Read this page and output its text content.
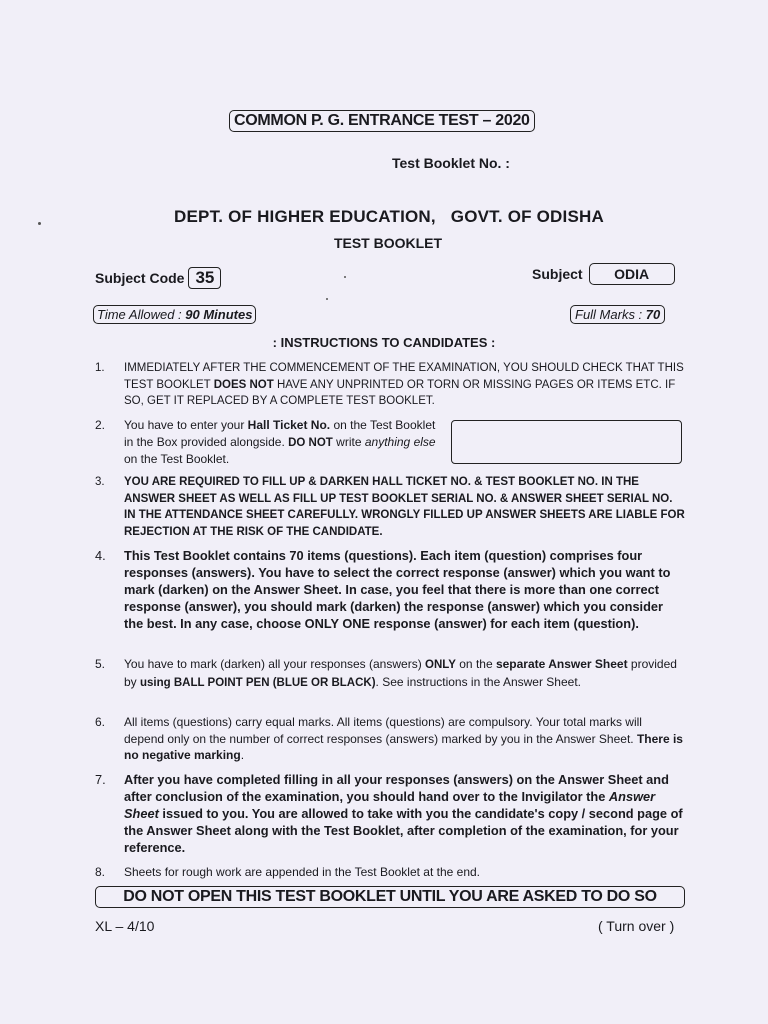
COMMON P. G. ENTRANCE TEST – 2020
Test Booklet No. :
DEPT. OF HIGHER EDUCATION, GOVT. OF ODISHA
TEST BOOKLET
Subject Code 35	Subject	ODIA
Time Allowed : 90 Minutes	Full Marks : 70
: INSTRUCTIONS TO CANDIDATES :
1.	IMMEDIATELY AFTER THE COMMENCEMENT OF THE EXAMINATION, YOU SHOULD CHECK THAT THIS TEST BOOKLET DOES NOT HAVE ANY UNPRINTED OR TORN OR MISSING PAGES OR ITEMS ETC. IF SO, GET IT REPLACED BY A COMPLETE TEST BOOKLET.
2.	You have to enter your Hall Ticket No. on the Test Booklet in the Box provided alongside. DO NOT write anything else on the Test Booklet.
3.	YOU ARE REQUIRED TO FILL UP & DARKEN HALL TICKET NO. & TEST BOOKLET NO. IN THE ANSWER SHEET AS WELL AS FILL UP TEST BOOKLET SERIAL NO. & ANSWER SHEET SERIAL NO. IN THE ATTENDANCE SHEET CAREFULLY. WRONGLY FILLED UP ANSWER SHEETS ARE LIABLE FOR REJECTION AT THE RISK OF THE CANDIDATE.
4.	This Test Booklet contains 70 items (questions). Each item (question) comprises four responses (answers). You have to select the correct response (answer) which you want to mark (darken) on the Answer Sheet. In case, you feel that there is more than one correct response (answer), you should mark (darken) the response (answer) which you consider the best. In any case, choose ONLY ONE response (answer) for each item (question).
5.	You have to mark (darken) all your responses (answers) ONLY on the separate Answer Sheet provided by using BALL POINT PEN (BLUE OR BLACK). See instructions in the Answer Sheet.
6.	All items (questions) carry equal marks. All items (questions) are compulsory. Your total marks will depend only on the number of correct responses (answers) marked by you in the Answer Sheet. There is no negative marking.
7.	After you have completed filling in all your responses (answers) on the Answer Sheet and after conclusion of the examination, you should hand over to the Invigilator the Answer Sheet issued to you. You are allowed to take with you the candidate's copy / second page of the Answer Sheet along with the Test Booklet, after completion of the examination, for your reference.
8.	Sheets for rough work are appended in the Test Booklet at the end.
DO NOT OPEN THIS TEST BOOKLET UNTIL YOU ARE ASKED TO DO SO
XL – 4/10	( Turn over )
